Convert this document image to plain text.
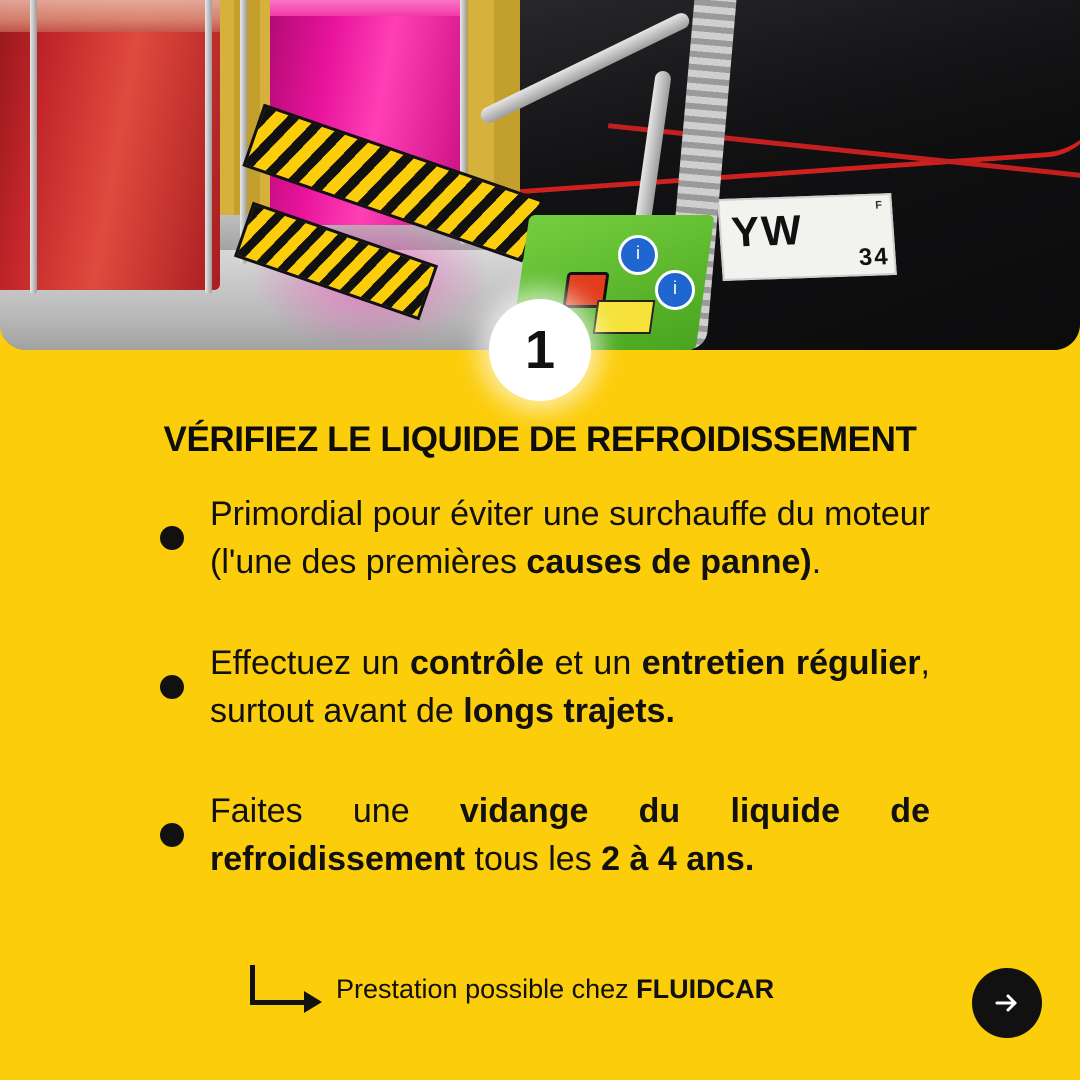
YW
F
34
i
i
1
VÉRIFIEZ LE LIQUIDE DE REFROIDISSEMENT
Primordial pour éviter une surchauffe du moteur (l'une des premières causes de panne).
Effectuez un contrôle et un entretien régulier, surtout avant de longs trajets.
Faites une vidange du liquide de refroidissement tous les 2 à 4 ans.
Prestation possible chez FLUIDCAR
